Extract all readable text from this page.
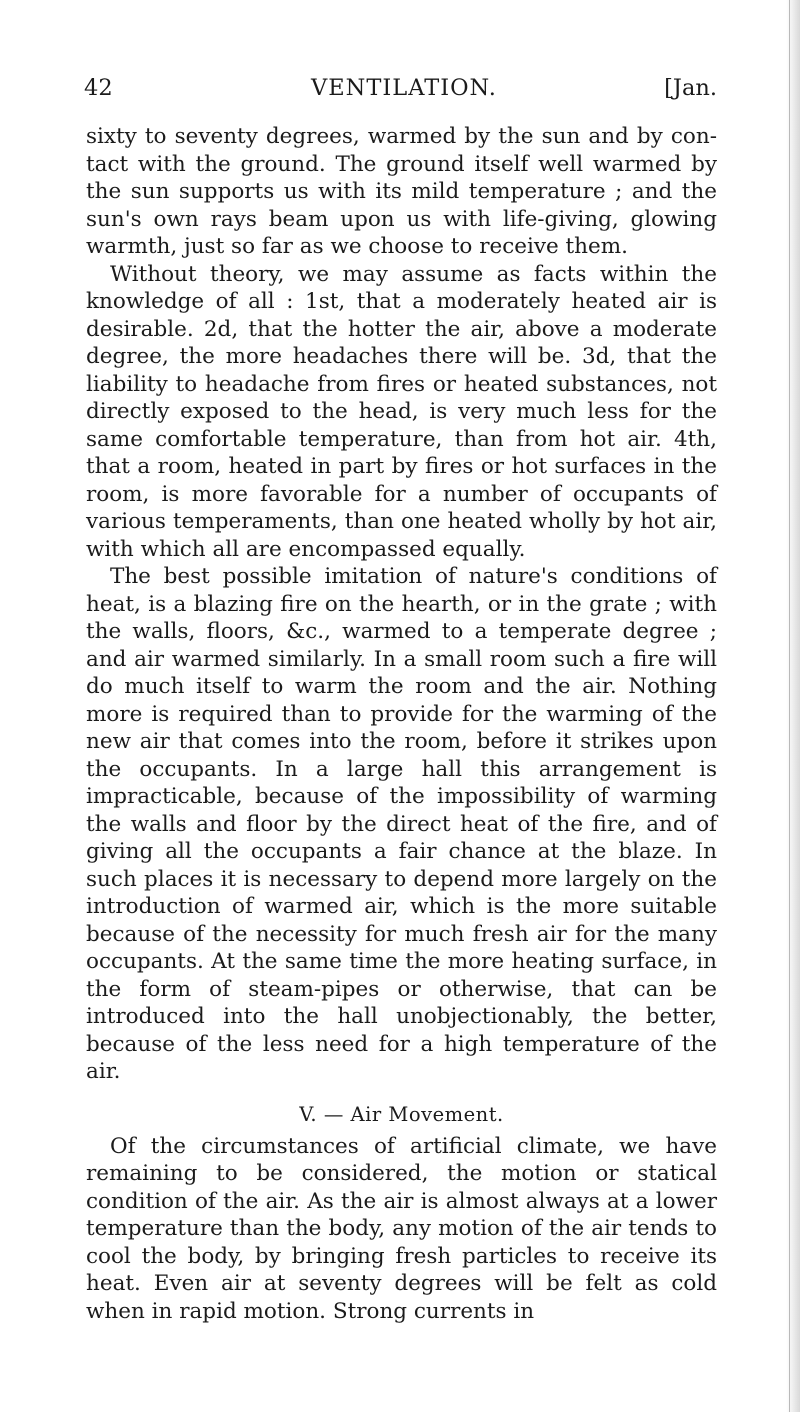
42	VENTILATION.	[Jan.

sixty to seventy degrees, warmed by the sun and by con-tact with the ground. The ground itself well warmed by the sun supports us with its mild temperature ; and the sun's own rays beam upon us with life-giving, glowing warmth, just so far as we choose to receive them.

Without theory, we may assume as facts within the knowledge of all : 1st, that a moderately heated air is desirable. 2d, that the hotter the air, above a moderate degree, the more headaches there will be. 3d, that the liability to headache from fires or heated substances, not directly exposed to the head, is very much less for the same comfortable temperature, than from hot air. 4th, that a room, heated in part by fires or hot surfaces in the room, is more favorable for a number of occupants of various temperaments, than one heated wholly by hot air, with which all are encompassed equally.

The best possible imitation of nature's conditions of heat, is a blazing fire on the hearth, or in the grate ; with the walls, floors, &c., warmed to a temperate degree ; and air warmed similarly. In a small room such a fire will do much itself to warm the room and the air. Nothing more is required than to provide for the warming of the new air that comes into the room, before it strikes upon the occupants. In a large hall this arrangement is impracticable, because of the impossibility of warming the walls and floor by the direct heat of the fire, and of giving all the occupants a fair chance at the blaze. In such places it is necessary to depend more largely on the introduction of warmed air, which is the more suitable because of the necessity for much fresh air for the many occupants. At the same time the more heating surface, in the form of steam-pipes or otherwise, that can be introduced into the hall unobjectionably, the better, because of the less need for a high temperature of the air.

V. — Air Movement.

Of the circumstances of artificial climate, we have remaining to be considered, the motion or statical condition of the air. As the air is almost always at a lower temperature than the body, any motion of the air tends to cool the body, by bringing fresh particles to receive its heat. Even air at seventy degrees will be felt as cold when in rapid motion. Strong currents in
